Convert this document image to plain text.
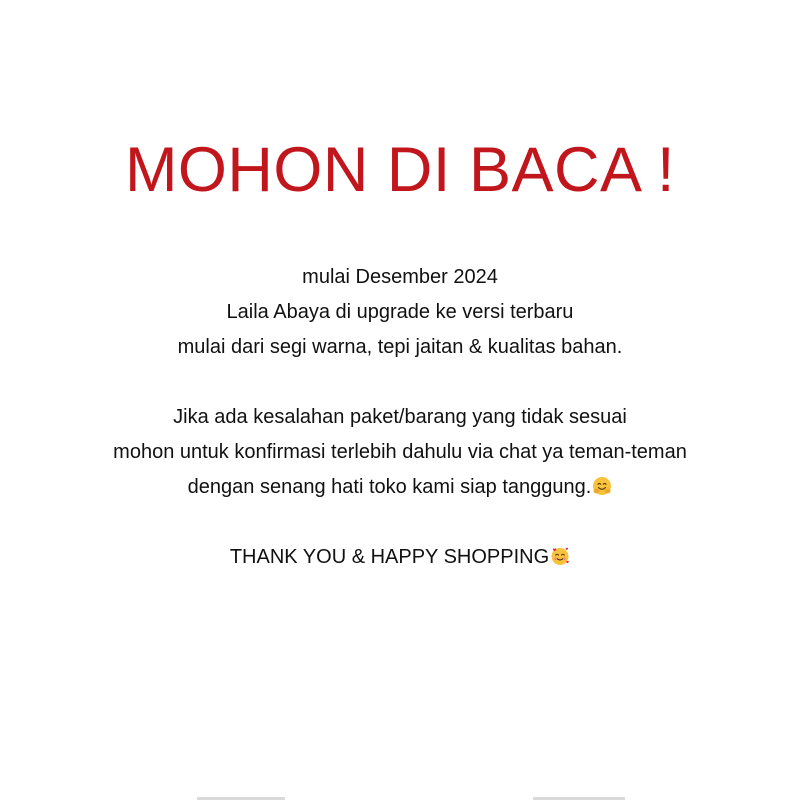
MOHON DI BACA !
mulai Desember 2024
Laila Abaya di upgrade ke versi terbaru
mulai dari segi warna, tepi jaitan & kualitas bahan.
Jika ada kesalahan paket/barang yang tidak sesuai
mohon untuk konfirmasi terlebih dahulu via chat ya teman-teman
dengan senang hati toko kami siap tanggung.
THANK YOU & HAPPY SHOPPING
